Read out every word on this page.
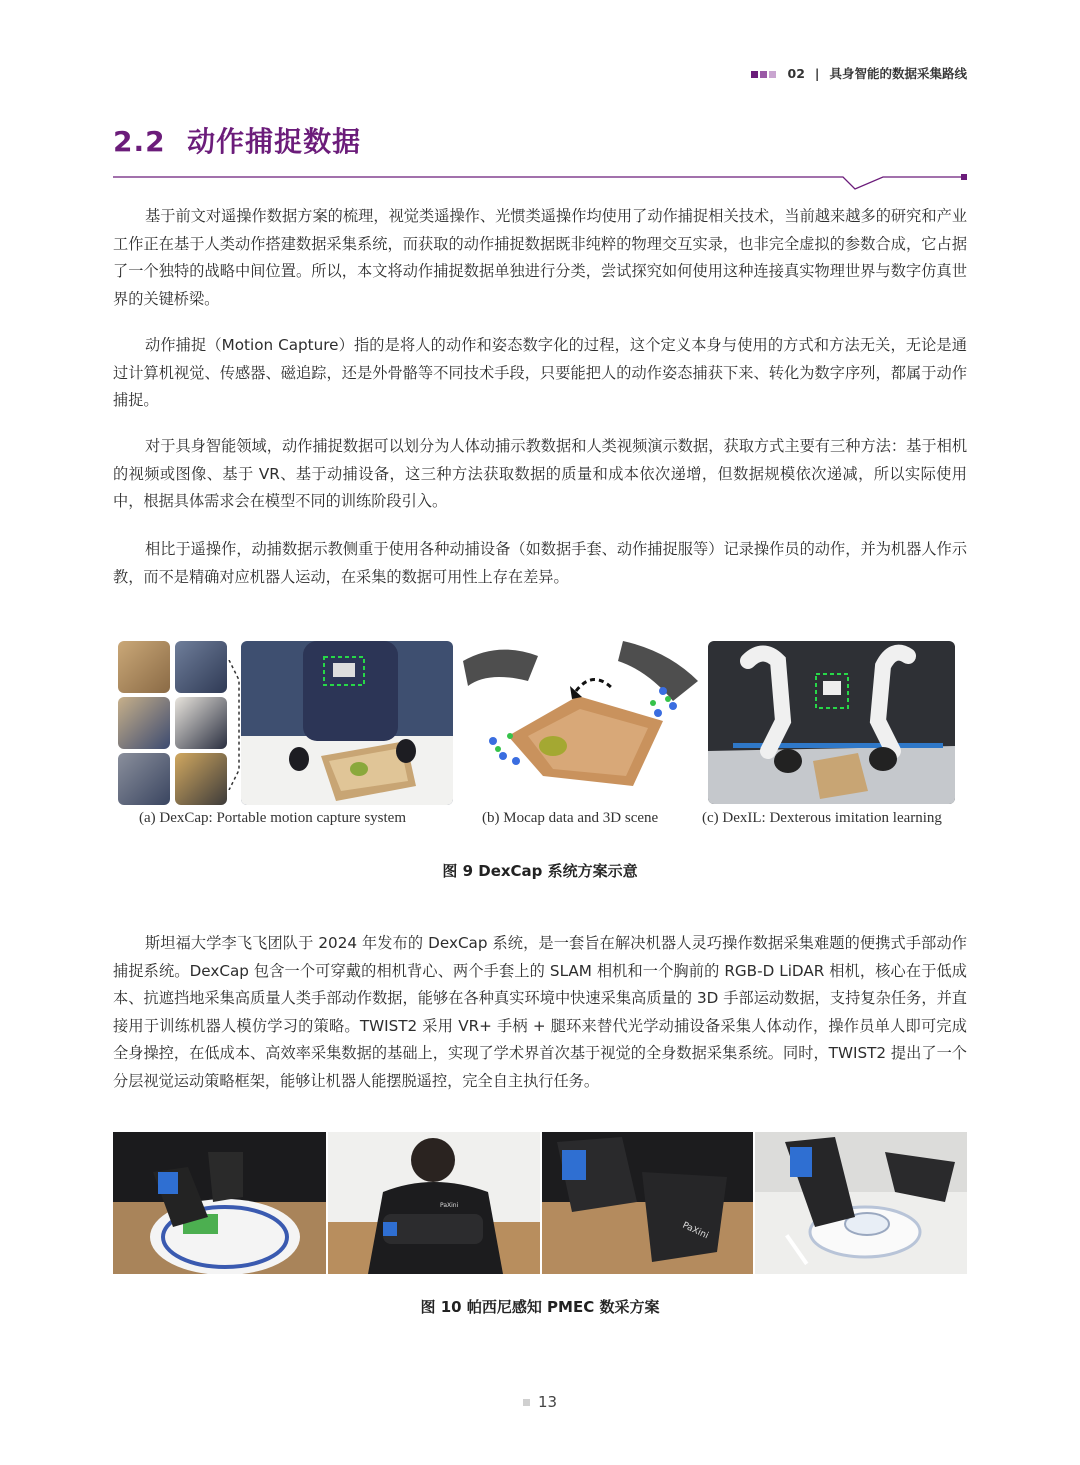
02 | 具身智能的数据采集路线
2.2 动作捕捉数据

基于前文对遥操作数据方案的梳理，视觉类遥操作、光惯类遥操作均使用了动作捕捉相关技术，当前越来越多的研究和产业工作正在基于人类动作搭建数据采集系统，而获取的动作捕捉数据既非纯粹的物理交互实录，也非完全虚拟的参数合成，它占据了一个独特的战略中间位置。所以，本文将动作捕捉数据单独进行分类，尝试探究如何使用这种连接真实物理世界与数字仿真世界的关键桥梁。

动作捕捉（Motion Capture）指的是将人的动作和姿态数字化的过程，这个定义本身与使用的方式和方法无关，无论是通过计算机视觉、传感器、磁追踪，还是外骨骼等不同技术手段，只要能把人的动作姿态捕获下来、转化为数字序列，都属于动作捕捉。

对于具身智能领域，动作捕捉数据可以划分为人体动捕示教数据和人类视频演示数据，获取方式主要有三种方法：基于相机的视频或图像、基于 VR、基于动捕设备，这三种方法获取数据的质量和成本依次递增，但数据规模依次递减，所以实际使用中，根据具体需求会在模型不同的训练阶段引入。

相比于遥操作，动捕数据示教侧重于使用各种动捕设备（如数据手套、动作捕捉服等）记录操作员的动作，并为机器人作示教，而不是精确对应机器人运动，在采集的数据可用性上存在差异。

(a) DexCap: Portable motion capture system	(b) Mocap data and 3D scene	(c) DexIL: Dexterous imitation learning
图 9 DexCap 系统方案示意

斯坦福大学李飞飞团队于 2024 年发布的 DexCap 系统，是一套旨在解决机器人灵巧操作数据采集难题的便携式手部动作捕捉系统。DexCap 包含一个可穿戴的相机背心、两个手套上的 SLAM 相机和一个胸前的 RGB-D LiDAR 相机，核心在于低成本、抗遮挡地采集高质量人类手部动作数据，能够在各种真实环境中快速采集高质量的 3D 手部运动数据，支持复杂任务，并直接用于训练机器人模仿学习的策略。TWIST2 采用 VR+ 手柄 + 腿环来替代光学动捕设备采集人体动作，操作员单人即可完成全身操控，在低成本、高效率采集数据的基础上，实现了学术界首次基于视觉的全身数据采集系统。同时，TWIST2 提出了一个分层视觉运动策略框架，能够让机器人能摆脱遥控，完全自主执行任务。

PaXini
PaXini
图 10 帕西尼感知 PMEC 数采方案
13
